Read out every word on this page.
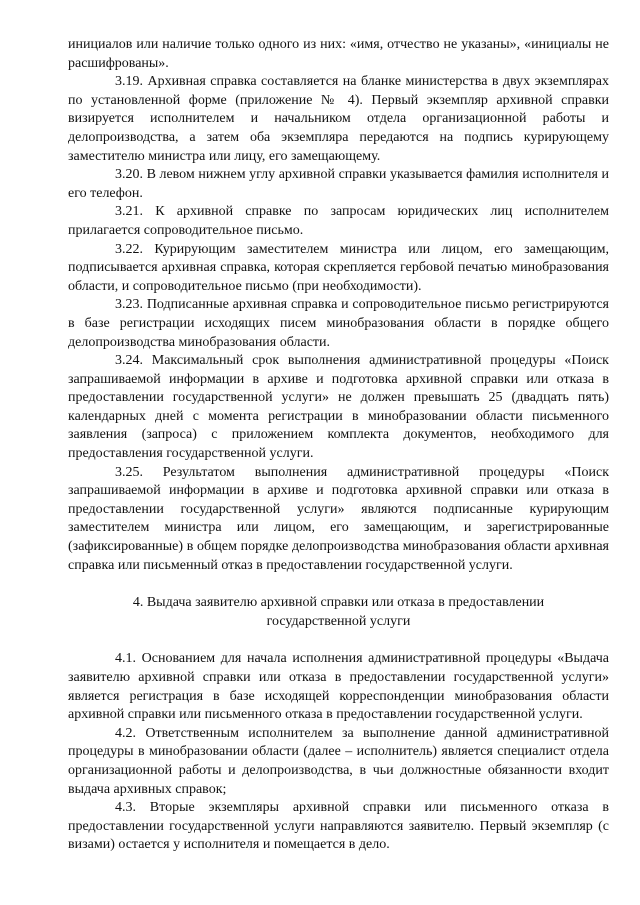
инициалов или наличие только одного из них: «имя, отчество не указаны», «инициалы не расшифрованы».

3.19. Архивная справка составляется на бланке министерства в двух экземплярах по установленной форме (приложение № 4). Первый экземпляр архивной справки визируется исполнителем и начальником отдела организационной работы и делопроизводства, а затем оба экземпляра передаются на подпись курирующему заместителю министра или лицу, его замещающему.

3.20. В левом нижнем углу архивной справки указывается фамилия исполнителя и его телефон.

3.21. К архивной справке по запросам юридических лиц исполнителем прилагается сопроводительное письмо.

3.22. Курирующим заместителем министра или лицом, его замещающим, подписывается архивная справка, которая скрепляется гербовой печатью минобразования области, и сопроводительное письмо (при необходимости).

3.23. Подписанные архивная справка и сопроводительное письмо регистрируются в базе регистрации исходящих писем минобразования области в порядке общего делопроизводства минобразования области.

3.24. Максимальный срок выполнения административной процедуры «Поиск запрашиваемой информации в архиве и подготовка архивной справки или отказа в предоставлении государственной услуги» не должен превышать 25 (двадцать пять) календарных дней с момента регистрации в минобразовании области письменного заявления (запроса) с приложением комплекта документов, необходимого для предоставления государственной услуги.

3.25. Результатом выполнения административной процедуры «Поиск запрашиваемой информации в архиве и подготовка архивной справки или отказа в предоставлении государственной услуги» являются подписанные курирующим заместителем министра или лицом, его замещающим, и зарегистрированные (зафиксированные) в общем порядке делопроизводства минобразования области архивная справка или письменный отказ в предоставлении государственной услуги.

4. Выдача заявителю архивной справки или отказа в предоставлении государственной услуги

4.1. Основанием для начала исполнения административной процедуры «Выдача заявителю архивной справки или отказа в предоставлении государственной услуги» является регистрация в базе исходящей корреспонденции минобразования области архивной справки или письменного отказа в предоставлении государственной услуги.

4.2. Ответственным исполнителем за выполнение данной административной процедуры в минобразовании области (далее – исполнитель) является специалист отдела организационной работы и делопроизводства, в чьи должностные обязанности входит выдача архивных справок;

4.3. Вторые экземпляры архивной справки или письменного отказа в предоставлении государственной услуги направляются заявителю. Первый экземпляр (с визами) остается у исполнителя и помещается в дело.
